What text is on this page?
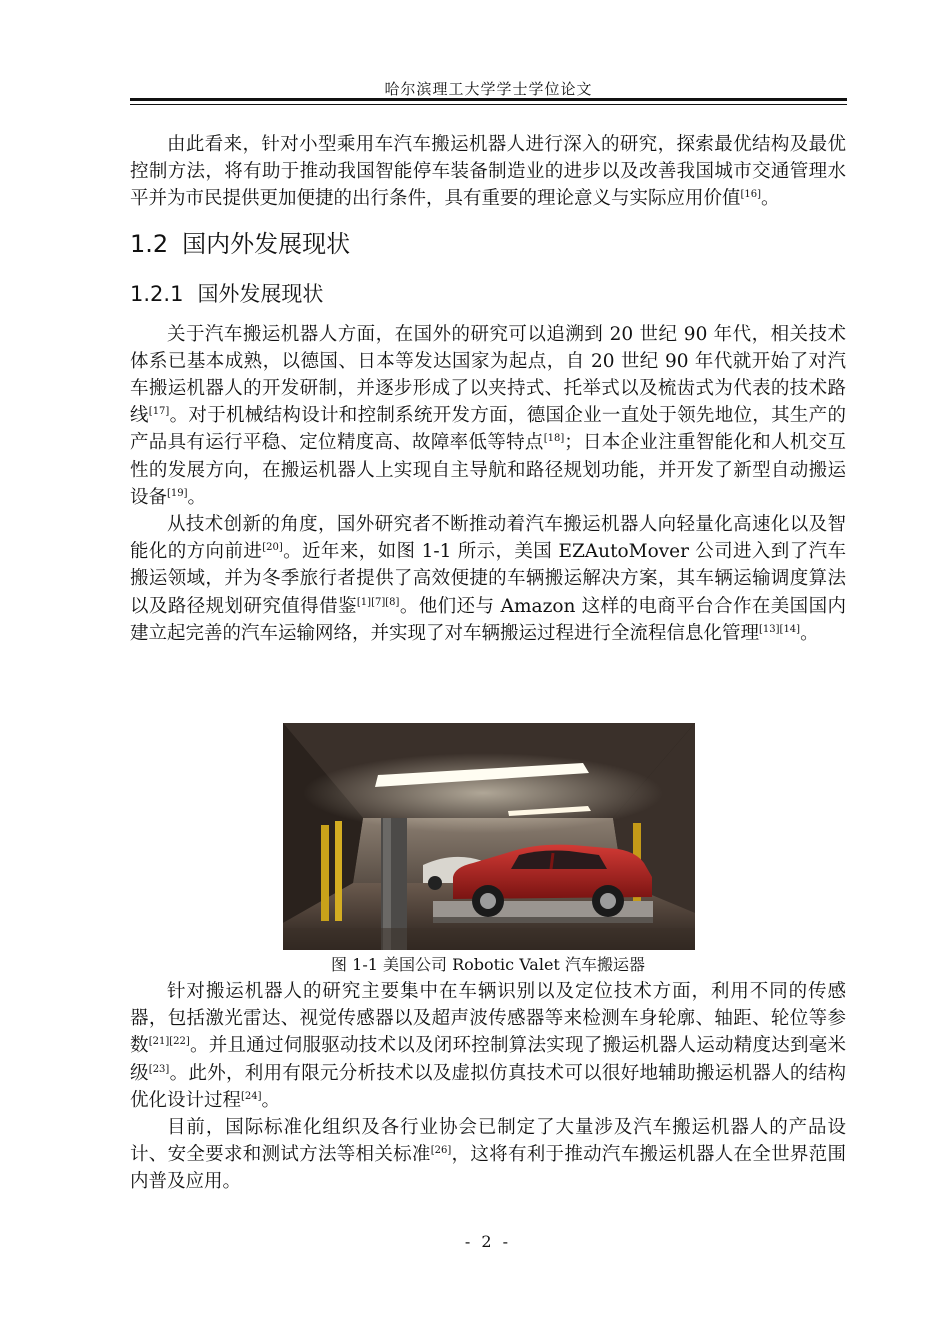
哈尔滨理工大学学士学位论文

由此看来，针对小型乘用车汽车搬运机器人进行深入的研究，探索最优结构及最优控制方法，将有助于推动我国智能停车装备制造业的进步以及改善我国城市交通管理水平并为市民提供更加便捷的出行条件，具有重要的理论意义与实际应用价值[16]。

1.2 国内外发展现状
1.2.1 国外发展现状

关于汽车搬运机器人方面，在国外的研究可以追溯到 20 世纪 90 年代，相关技术体系已基本成熟，以德国、日本等发达国家为起点，自 20 世纪 90 年代就开始了对汽车搬运机器人的开发研制，并逐步形成了以夹持式、托举式以及梳齿式为代表的技术路线[17]。对于机械结构设计和控制系统开发方面，德国企业一直处于领先地位，其生产的产品具有运行平稳、定位精度高、故障率低等特点[18]；日本企业注重智能化和人机交互性的发展方向，在搬运机器人上实现自主导航和路径规划功能，并开发了新型自动搬运设备[19]。

从技术创新的角度，国外研究者不断推动着汽车搬运机器人向轻量化高速化以及智能化的方向前进[20]。近年来，如图 1-1 所示，美国 EZAutoMover 公司进入到了汽车搬运领域，并为冬季旅行者提供了高效便捷的车辆搬运解决方案，其车辆运输调度算法以及路径规划研究值得借鉴[1][7][8]。他们还与 Amazon 这样的电商平台合作在美国国内建立起完善的汽车运输网络，并实现了对车辆搬运过程进行全流程信息化管理[13][14]。

图 1-1 美国公司 Robotic Valet 汽车搬运器

针对搬运机器人的研究主要集中在车辆识别以及定位技术方面，利用不同的传感器，包括激光雷达、视觉传感器以及超声波传感器等来检测车身轮廓、轴距、轮位等参数[21][22]。并且通过伺服驱动技术以及闭环控制算法实现了搬运机器人运动精度达到毫米级[23]。此外，利用有限元分析技术以及虚拟仿真技术可以很好地辅助搬运机器人的结构优化设计过程[24]。

目前，国际标准化组织及各行业协会已制定了大量涉及汽车搬运机器人的产品设计、安全要求和测试方法等相关标准[26]，这将有利于推动汽车搬运机器人在全世界范围内普及应用。

- 2 -
